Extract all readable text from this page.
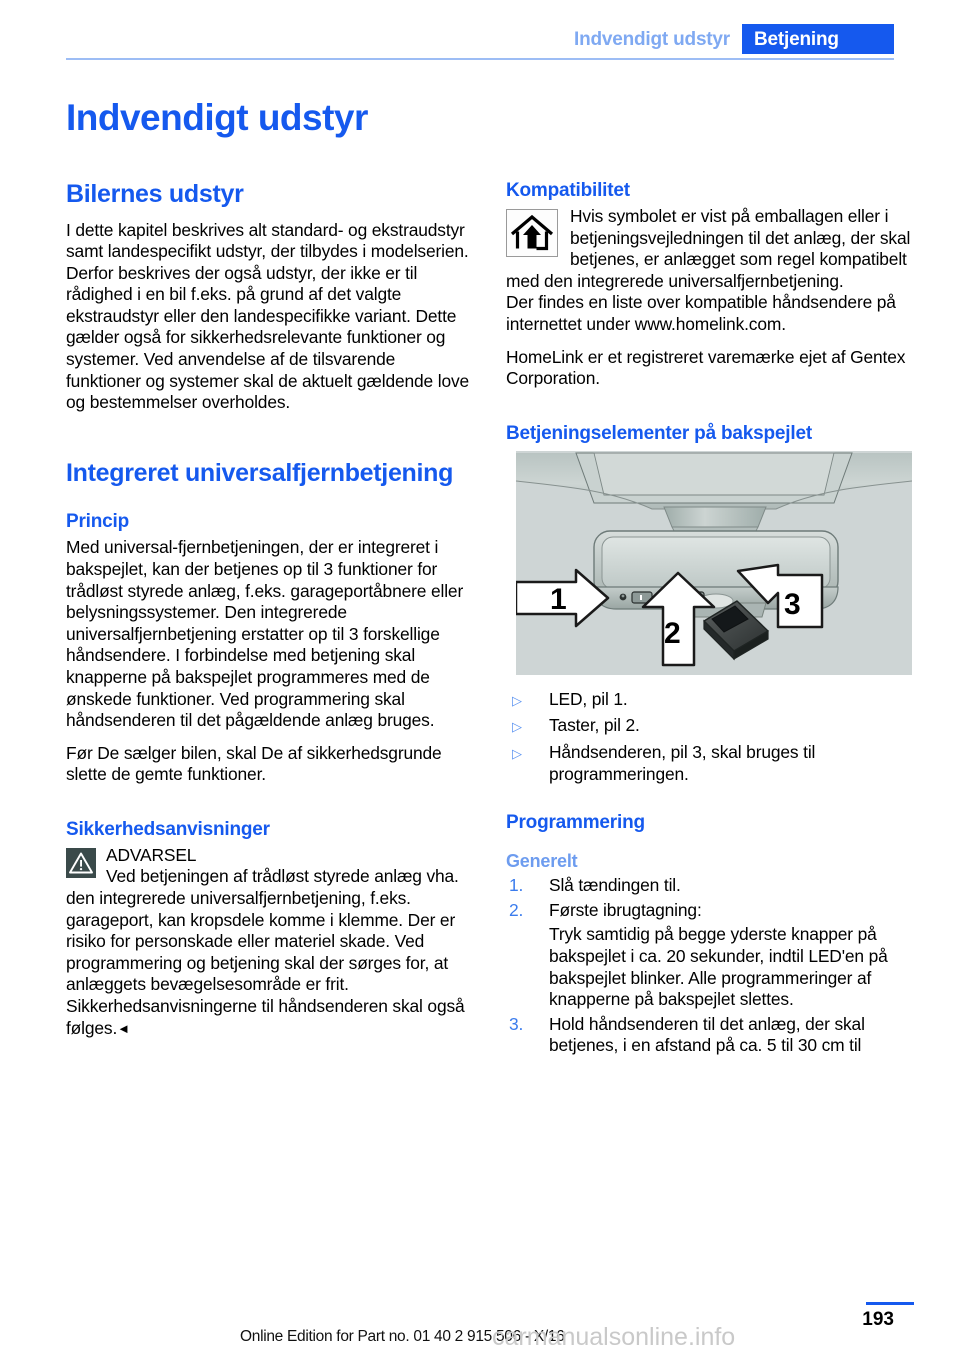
Indvendigt udstyr	Betjening
Indvendigt udstyr
Bilernes udstyr

I dette kapitel beskrives alt standard- og ekstraudstyr samt landespecifikt udstyr, der tilbydes i modelserien. Derfor beskrives der også udstyr, der ikke er til rådighed i en bil f.eks. på grund af det valgte ekstraudstyr eller den landespecifikke variant. Dette gælder også for sikkerhedsrelevante funktioner og systemer. Ved anvendelse af de tilsvarende funktioner og systemer skal de aktuelt gældende love og bestemmelser overholdes.

Integreret universalfjernbetjening
Princip

Med universal-fjernbetjeningen, der er integreret i bakspejlet, kan der betjenes op til 3 funktioner for trådløst styrede anlæg, f.eks. garageportåbnere eller belysningssystemer. Den integrerede universalfjernbetjening erstatter op til 3 forskellige håndsendere. I forbindelse med betjening skal knapperne på bakspejlet programmeres med de ønskede funktioner. Ved programmering skal håndsenderen til det pågældende anlæg bruges.

Før De sælger bilen, skal De af sikkerhedsgrunde slette de gemte funktioner.

Sikkerhedsanvisninger
ADVARSEL
Ved betjeningen af trådløst styrede anlæg vha. den integrerede universalfjernbetjening, f.eks. garageport, kan kropsdele komme i klemme. Der er risiko for personskade eller materiel skade. Ved programmering og betjening skal der sørges for, at anlæggets bevægelsesområde er frit. Sikkerhedsanvisningerne til håndsenderen skal også følges.◄
Kompatibilitet

Hvis symbolet er vist på emballagen eller i betjeningsvejledningen til det anlæg, der skal betjenes, er anlægget som regel kompatibelt med den integrerede universalfjernbetjening.

Der findes en liste over kompatible håndsendere på internettet under www.homelink.com.

HomeLink er et registreret varemærke ejet af Gentex Corporation.

Betjeningselementer på bakspejlet
1
2
3
▷ LED, pil 1.
▷ Taster, pil 2.
▷ Håndsenderen, pil 3, skal bruges til programmeringen.
Programmering
Generelt
1. Slå tændingen til.
2. Første ibrugtagning:
Tryk samtidig på begge yderste knapper på bakspejlet i ca. 20 sekunder, indtil LED'en på bakspejlet blinker. Alle programmeringer af knapperne på bakspejlet slettes.
3. Hold håndsenderen til det anlæg, der skal betjenes, i en afstand på ca. 5 til 30 cm til
193
Online Edition for Part no. 01 40 2 915 506 - X/16
carmanualsonline.info
